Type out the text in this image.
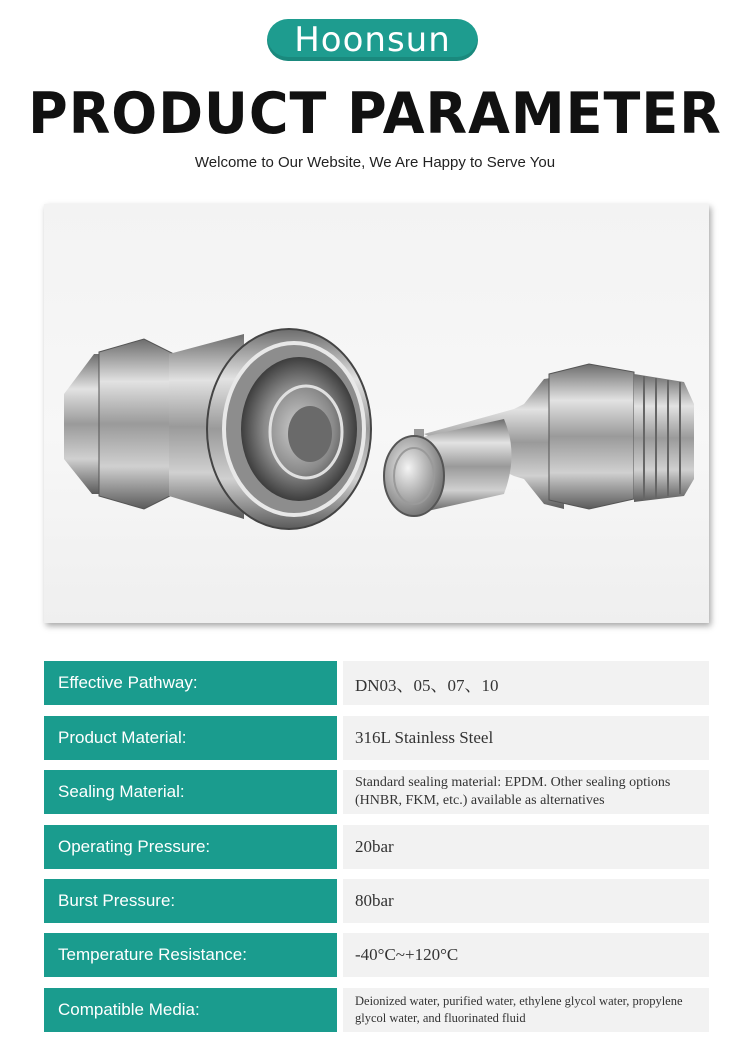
Hoonsun
PRODUCT PARAMETER
Welcome to Our Website, We Are Happy to Serve You
Effective Pathway:	DN03、05、07、10
Product Material:	316L Stainless Steel
Sealing Material:	Standard sealing material: EPDM. Other sealing options (HNBR, FKM, etc.) available as alternatives
Operating Pressure:	20bar
Burst Pressure:	80bar
Temperature Resistance:	-40°C~+120°C
Compatible Media:	Deionized water, purified water, ethylene glycol water, propylene glycol water, and fluorinated fluid
